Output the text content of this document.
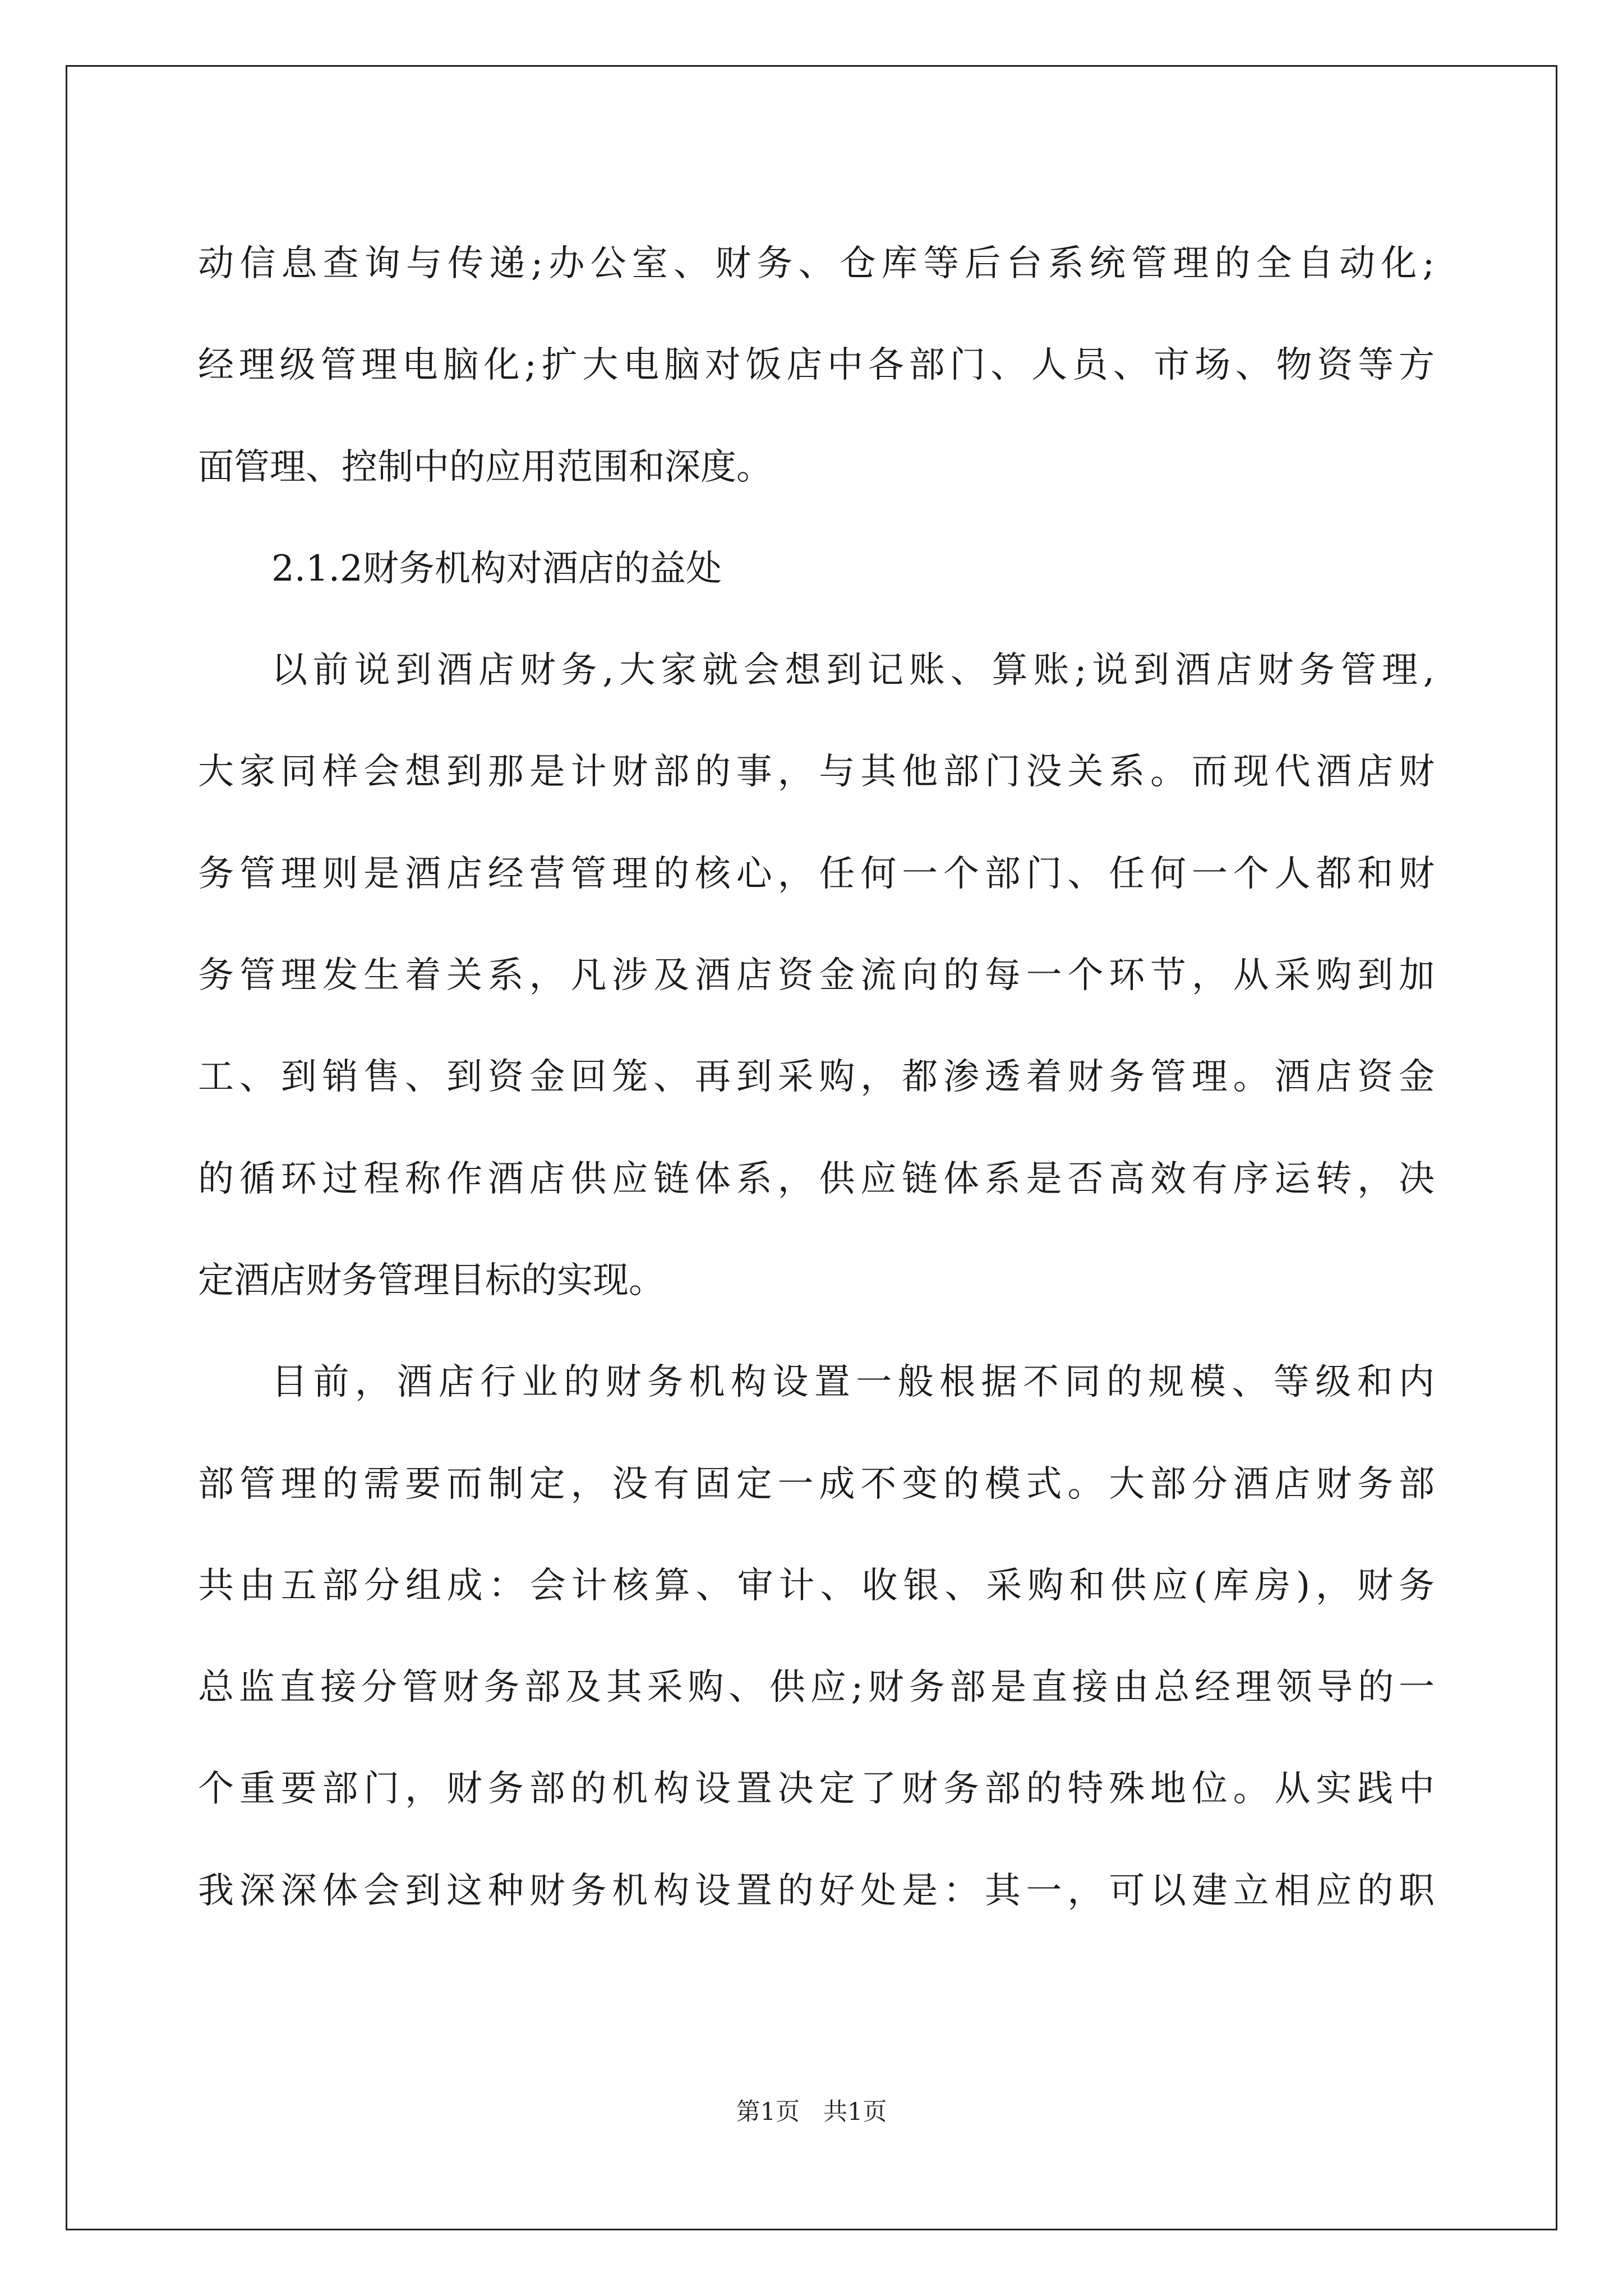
动信息查询与传递;办公室、财务、仓库等后台系统管理的全自动化;
经理级管理电脑化;扩大电脑对饭店中各部门、人员、市场、物资等方
面管理、控制中的应用范围和深度。
2.1.2财务机构对酒店的益处
以前说到酒店财务,大家就会想到记账、算账;说到酒店财务管理,
大家同样会想到那是计财部的事，与其他部门没关系。而现代酒店财
务管理则是酒店经营管理的核心，任何一个部门、任何一个人都和财
务管理发生着关系，凡涉及酒店资金流向的每一个环节，从采购到加
工、到销售、到资金回笼、再到采购，都渗透着财务管理。酒店资金
的循环过程称作酒店供应链体系，供应链体系是否高效有序运转，决
定酒店财务管理目标的实现。
目前，酒店行业的财务机构设置一般根据不同的规模、等级和内
部管理的需要而制定，没有固定一成不变的模式。大部分酒店财务部
共由五部分组成：会计核算、审计、收银、采购和供应(库房)，财务
总监直接分管财务部及其采购、供应;财务部是直接由总经理领导的一
个重要部门，财务部的机构设置决定了财务部的特殊地位。从实践中
我深深体会到这种财务机构设置的好处是：其一，可以建立相应的职
第1页 共1页
